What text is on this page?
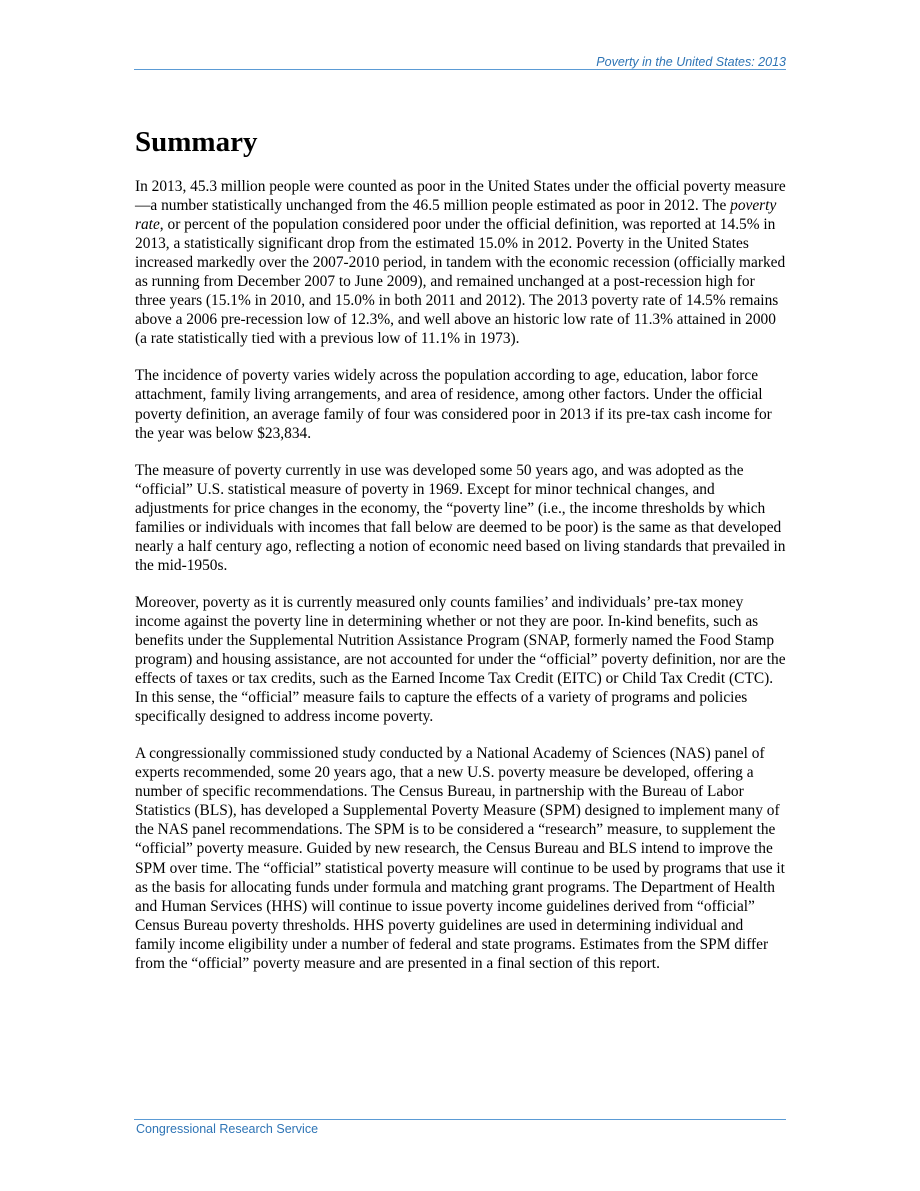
Poverty in the United States: 2013
Summary

In 2013, 45.3 million people were counted as poor in the United States under the official poverty measure—a number statistically unchanged from the 46.5 million people estimated as poor in 2012. The poverty rate, or percent of the population considered poor under the official definition, was reported at 14.5% in 2013, a statistically significant drop from the estimated 15.0% in 2012. Poverty in the United States increased markedly over the 2007-2010 period, in tandem with the economic recession (officially marked as running from December 2007 to June 2009), and remained unchanged at a post-recession high for three years (15.1% in 2010, and 15.0% in both 2011 and 2012). The 2013 poverty rate of 14.5% remains above a 2006 pre-recession low of 12.3%, and well above an historic low rate of 11.3% attained in 2000 (a rate statistically tied with a previous low of 11.1% in 1973).

The incidence of poverty varies widely across the population according to age, education, labor force attachment, family living arrangements, and area of residence, among other factors. Under the official poverty definition, an average family of four was considered poor in 2013 if its pre-tax cash income for the year was below $23,834.

The measure of poverty currently in use was developed some 50 years ago, and was adopted as the “official” U.S. statistical measure of poverty in 1969. Except for minor technical changes, and adjustments for price changes in the economy, the “poverty line” (i.e., the income thresholds by which families or individuals with incomes that fall below are deemed to be poor) is the same as that developed nearly a half century ago, reflecting a notion of economic need based on living standards that prevailed in the mid-1950s.

Moreover, poverty as it is currently measured only counts families’ and individuals’ pre-tax money income against the poverty line in determining whether or not they are poor. In-kind benefits, such as benefits under the Supplemental Nutrition Assistance Program (SNAP, formerly named the Food Stamp program) and housing assistance, are not accounted for under the “official” poverty definition, nor are the effects of taxes or tax credits, such as the Earned Income Tax Credit (EITC) or Child Tax Credit (CTC). In this sense, the “official” measure fails to capture the effects of a variety of programs and policies specifically designed to address income poverty.

A congressionally commissioned study conducted by a National Academy of Sciences (NAS) panel of experts recommended, some 20 years ago, that a new U.S. poverty measure be developed, offering a number of specific recommendations. The Census Bureau, in partnership with the Bureau of Labor Statistics (BLS), has developed a Supplemental Poverty Measure (SPM) designed to implement many of the NAS panel recommendations. The SPM is to be considered a “research” measure, to supplement the “official” poverty measure. Guided by new research, the Census Bureau and BLS intend to improve the SPM over time. The “official” statistical poverty measure will continue to be used by programs that use it as the basis for allocating funds under formula and matching grant programs. The Department of Health and Human Services (HHS) will continue to issue poverty income guidelines derived from “official” Census Bureau poverty thresholds. HHS poverty guidelines are used in determining individual and family income eligibility under a number of federal and state programs. Estimates from the SPM differ from the “official” poverty measure and are presented in a final section of this report.

Congressional Research Service
